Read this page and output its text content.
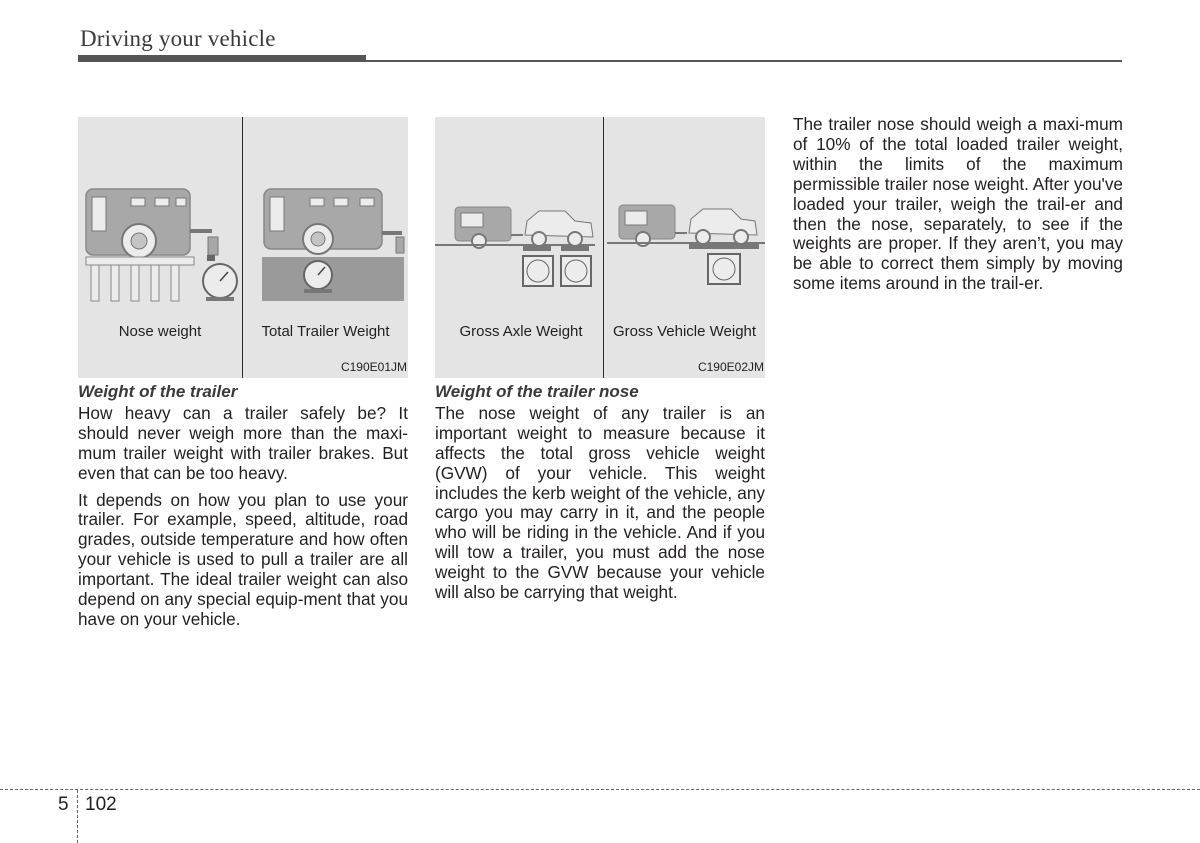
Driving your vehicle
Nose weight	Total Trailer Weight
C190E01JM
Gross Axle Weight	Gross Vehicle Weight
C190E02JM
Weight of the trailer

How heavy can a trailer safely be? It should never weigh more than the maxi-mum trailer weight with trailer brakes. But even that can be too heavy.

It depends on how you plan to use your trailer. For example, speed, altitude, road grades, outside temperature and how often your vehicle is used to pull a trailer are all important. The ideal trailer weight can also depend on any special equip-ment that you have on your vehicle.

Weight of the trailer nose

The nose weight of any trailer is an important weight to measure because it affects the total gross vehicle weight (GVW) of your vehicle. This weight includes the kerb weight of the vehicle, any cargo you may carry in it, and the people who will be riding in the vehicle. And if you will tow a trailer, you must add the nose weight to the GVW because your vehicle will also be carrying that weight.

The trailer nose should weigh a maxi-mum of 10% of the total loaded trailer weight, within the limits of the maximum permissible trailer nose weight. After you've loaded your trailer, weigh the trail-er and then the nose, separately, to see if the weights are proper. If they aren’t, you may be able to correct them simply by moving some items around in the trail-er.

5 102
